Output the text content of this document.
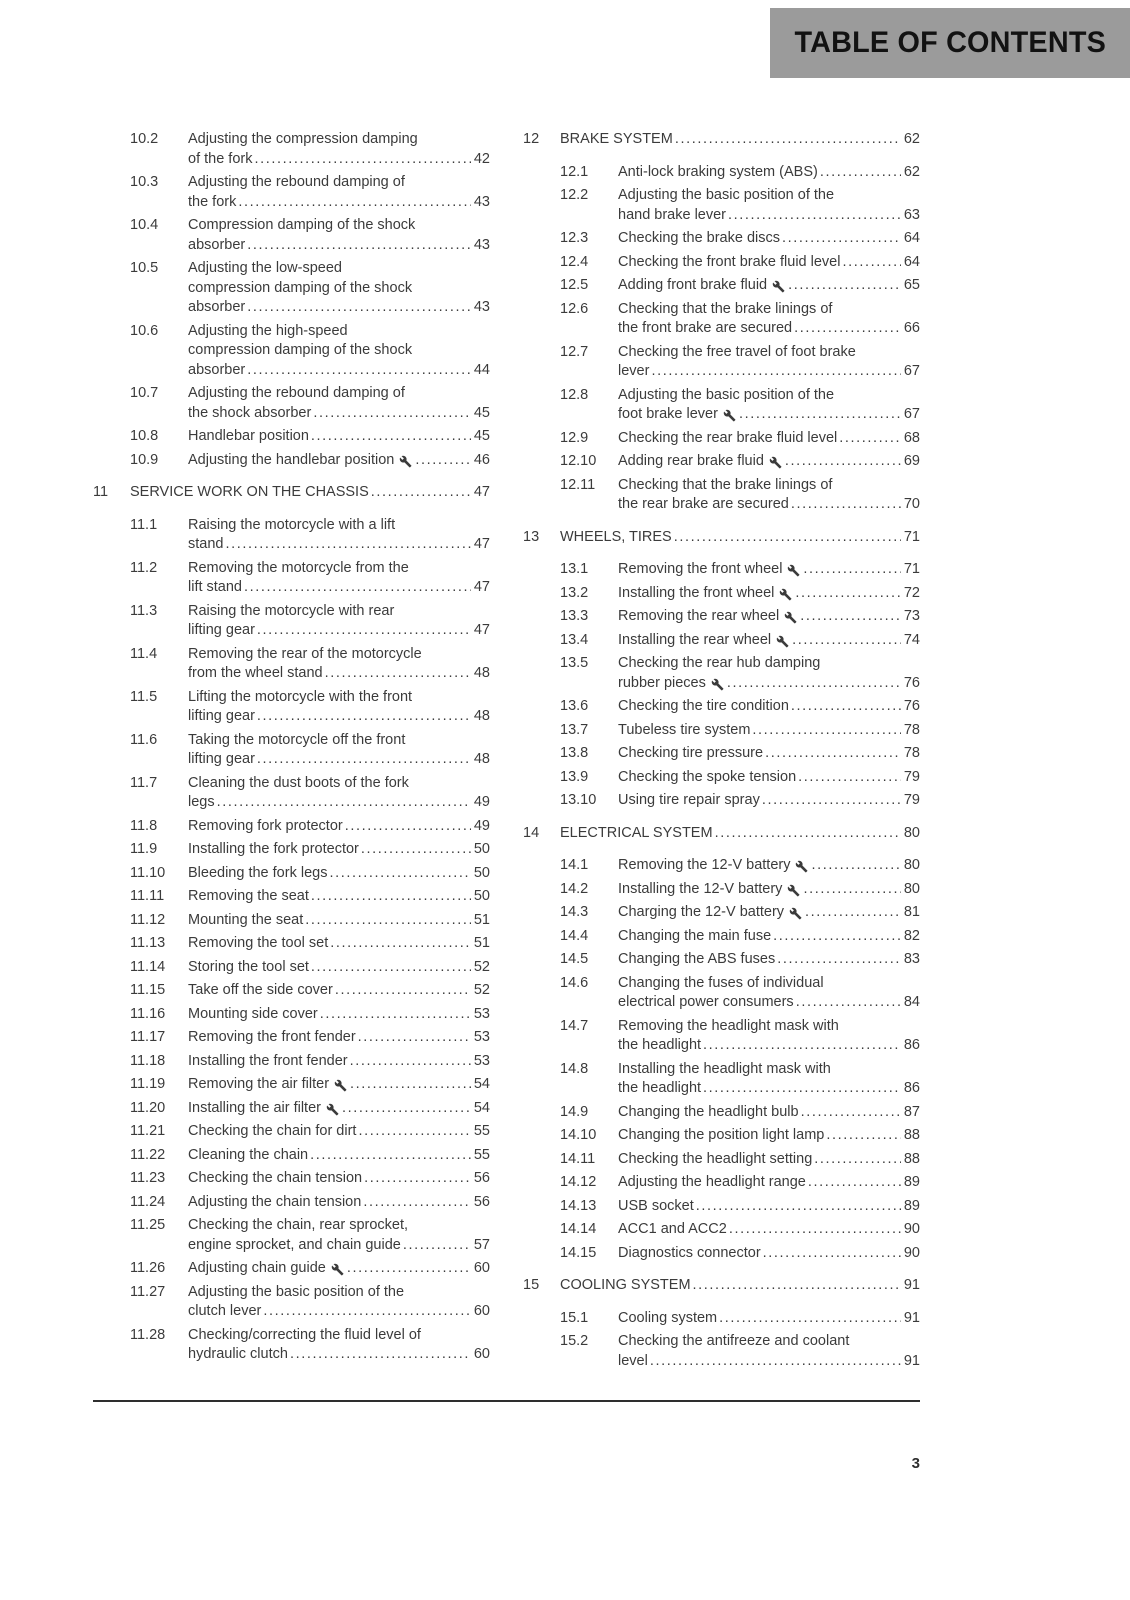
TABLE OF CONTENTS
10.2	Adjusting the compression damping
of the fork .....	42
10.3	Adjusting the rebound damping of
the fork .....	43
10.4	Compression damping of the shock
absorber .....	43
10.5	Adjusting the low-speed
compression damping of the shock
absorber .....	43
10.6	Adjusting the high-speed
compression damping of the shock
absorber .....	44
10.7	Adjusting the rebound damping of
the shock absorber .....	45
10.8	Handlebar position .....	45
10.9	Adjusting the handlebar position .....	46
11	SERVICE WORK ON THE CHASSIS .....	47
11.1	Raising the motorcycle with a lift
stand .....	47
11.2	Removing the motorcycle from the
lift stand .....	47
11.3	Raising the motorcycle with rear
lifting gear .....	47
11.4	Removing the rear of the motorcycle
from the wheel stand .....	48
11.5	Lifting the motorcycle with the front
lifting gear .....	48
11.6	Taking the motorcycle off the front
lifting gear .....	48
11.7	Cleaning the dust boots of the fork
legs .....	49
11.8	Removing fork protector .....	49
11.9	Installing the fork protector .....	50
11.10	Bleeding the fork legs .....	50
11.11	Removing the seat .....	50
11.12	Mounting the seat .....	51
11.13	Removing the tool set .....	51
11.14	Storing the tool set .....	52
11.15	Take off the side cover .....	52
11.16	Mounting side cover .....	53
11.17	Removing the front fender .....	53
11.18	Installing the front fender .....	53
11.19	Removing the air filter .....	54
11.20	Installing the air filter .....	54
11.21	Checking the chain for dirt .....	55
11.22	Cleaning the chain .....	55
11.23	Checking the chain tension .....	56
11.24	Adjusting the chain tension .....	56
11.25	Checking the chain, rear sprocket,
engine sprocket, and chain guide .....	57
11.26	Adjusting chain guide .....	60
11.27	Adjusting the basic position of the
clutch lever .....	60
11.28	Checking/correcting the fluid level of
hydraulic clutch .....	60
12	BRAKE SYSTEM .....	62
12.1	Anti-lock braking system (ABS) .....	62
12.2	Adjusting the basic position of the
hand brake lever .....	63
12.3	Checking the brake discs .....	64
12.4	Checking the front brake fluid level .....	64
12.5	Adding front brake fluid .....	65
12.6	Checking that the brake linings of
the front brake are secured .....	66
12.7	Checking the free travel of foot brake
lever .....	67
12.8	Adjusting the basic position of the
foot brake lever .....	67
12.9	Checking the rear brake fluid level .....	68
12.10	Adding rear brake fluid .....	69
12.11	Checking that the brake linings of
the rear brake are secured .....	70
13	WHEELS, TIRES .....	71
13.1	Removing the front wheel .....	71
13.2	Installing the front wheel .....	72
13.3	Removing the rear wheel .....	73
13.4	Installing the rear wheel .....	74
13.5	Checking the rear hub damping
rubber pieces .....	76
13.6	Checking the tire condition .....	76
13.7	Tubeless tire system .....	78
13.8	Checking tire pressure .....	78
13.9	Checking the spoke tension .....	79
13.10	Using tire repair spray .....	79
14	ELECTRICAL SYSTEM .....	80
14.1	Removing the 12-V battery .....	80
14.2	Installing the 12-V battery .....	80
14.3	Charging the 12-V battery .....	81
14.4	Changing the main fuse .....	82
14.5	Changing the ABS fuses .....	83
14.6	Changing the fuses of individual
electrical power consumers .....	84
14.7	Removing the headlight mask with
the headlight .....	86
14.8	Installing the headlight mask with
the headlight .....	86
14.9	Changing the headlight bulb .....	87
14.10	Changing the position light lamp .....	88
14.11	Checking the headlight setting .....	88
14.12	Adjusting the headlight range .....	89
14.13	USB socket .....	89
14.14	ACC1 and ACC2 .....	90
14.15	Diagnostics connector .....	90
15	COOLING SYSTEM .....	91
15.1	Cooling system .....	91
15.2	Checking the antifreeze and coolant
level .....	91
3
